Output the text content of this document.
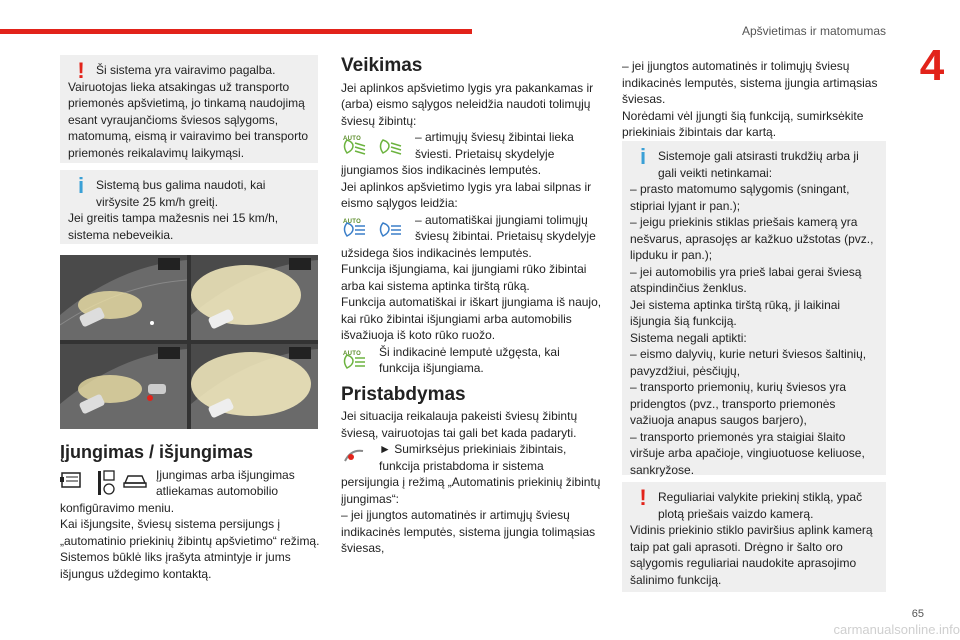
Apšvietimas ir matomumas
4
! Ši sistema yra vairavimo pagalba.

Vairuotojas lieka atsakingas už transporto priemonės apšvietimą, jo tinkamą naudojimą esant vyraujančioms šviesos sąlygoms, matomumą, eismą ir vairavimo bei transporto priemonės reikalavimų laikymąsi.

i Sistemą bus galima naudoti, kai viršysite 25 km/h greitį.

Jei greitis tampa mažesnis nei 15 km/h, sistema nebeveikia.

Įjungimas / išjungimas

Įjungimas arba išjungimas atliekamas automobilio

konfigūravimo meniu.

Kai išjungsite, šviesų sistema persijungs į „automatinio priekinių žibintų apšvietimo“ režimą.

Sistemos būklė liks įrašyta atmintyje ir jums išjungus uždegimo kontaktą.

Veikimas

Jei aplinkos apšvietimo lygis yra pakankamas ir (arba) eismo sąlygos neleidžia naudoti tolimųjų šviesų žibintų:

AUTO	– artimųjų šviesų žibintai lieka šviesti. Prietaisų skydelyje

įjungiamos šios indikacinės lemputės.

Jei aplinkos apšvietimo lygis yra labai silpnas ir eismo sąlygos leidžia:

AUTO	– automatiškai įjungiami tolimųjų šviesų žibintai. Prietaisų skydelyje

užsidega šios indikacinės lemputės.

Funkcija išjungiama, kai įjungiami rūko žibintai arba kai sistema aptinka tirštą rūką.

Funkcija automatiškai ir iškart įjungiama iš naujo, kai rūko žibintai išjungiami arba automobilis išvažiuoja iš koto rūko ruožo.

AUTO Ši indikacinė lemputė užgęsta, kai funkcija išjungiama.

Pristabdymas

Jei situacija reikalauja pakeisti šviesų žibintų šviesą, vairuotojas tai gali bet kada padaryti.

► Sumirksėjus priekiniais žibintais, funkcija pristabdoma ir sistema

persijungia į režimą „Automatinis priekinių žibintų įjungimas“:

– jei įjungtos automatinės ir artimųjų šviesų indikacinės lemputės, sistema įjungia tolimąsias šviesas,

– jei įjungtos automatinės ir tolimųjų šviesų indikacinės lemputės, sistema įjungia artimąsias šviesas.

Norėdami vėl įjungti šią funkciją, sumirksėkite priekiniais žibintais dar kartą.

i Sistemoje gali atsirasti trukdžių arba ji gali veikti netinkamai:

– prasto matomumo sąlygomis (sningant, stipriai lyjant ir pan.);

– jeigu priekinis stiklas priešais kamerą yra nešvarus, aprasojęs ar kažkuo užstotas (pvz., lipduku ir pan.);

– jei automobilis yra prieš labai gerai šviesą atspindinčius ženklus.

Jei sistema aptinka tirštą rūką, ji laikinai išjungia šią funkciją.

Sistema negali aptikti:

– eismo dalyvių, kurie neturi šviesos šaltinių, pavyzdžiui, pėsčiųjų,

– transporto priemonių, kurių šviesos yra pridengtos (pvz., transporto priemonės važiuoja anapus saugos barjero),

– transporto priemonės yra staigiai šlaito viršuje arba apačioje, vingiuotuose keliuose, sankryžose.

! Reguliariai valykite priekinį stiklą, ypač plotą priešais vaizdo kamerą.

Vidinis priekinio stiklo paviršius aplink kamerą taip pat gali aprasoti. Drėgno ir šalto oro sąlygomis reguliariai naudokite aprasojimo šalinimo funkciją.

65
carmanualsonline.info
